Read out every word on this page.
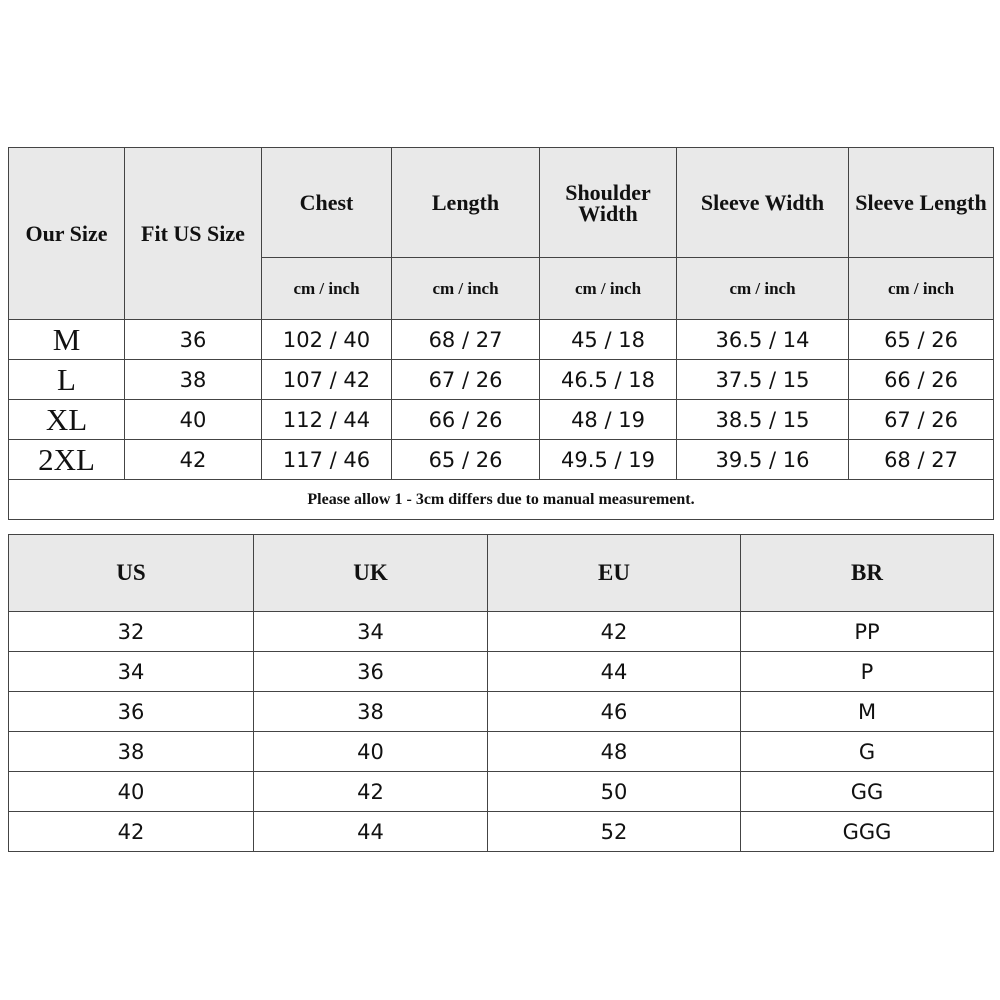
Our Size	Fit US Size	Chest	Length	Shoulder Width	Sleeve Width	Sleeve Length
		cm / inch	cm / inch	cm / inch	cm / inch	cm / inch
M	36	102 / 40	68 / 27	45 / 18	36.5 / 14	65 / 26
L	38	107 / 42	67 / 26	46.5 / 18	37.5 / 15	66 / 26
XL	40	112 / 44	66 / 26	48 / 19	38.5 / 15	67 / 26
2XL	42	117 / 46	65 / 26	49.5 / 19	39.5 / 16	68 / 27
Please allow 1 - 3cm differs due to manual measurement.						
US	UK	EU	BR
32	34	42	PP
34	36	44	P
36	38	46	M
38	40	48	G
40	42	50	GG
42	44	52	GGG
